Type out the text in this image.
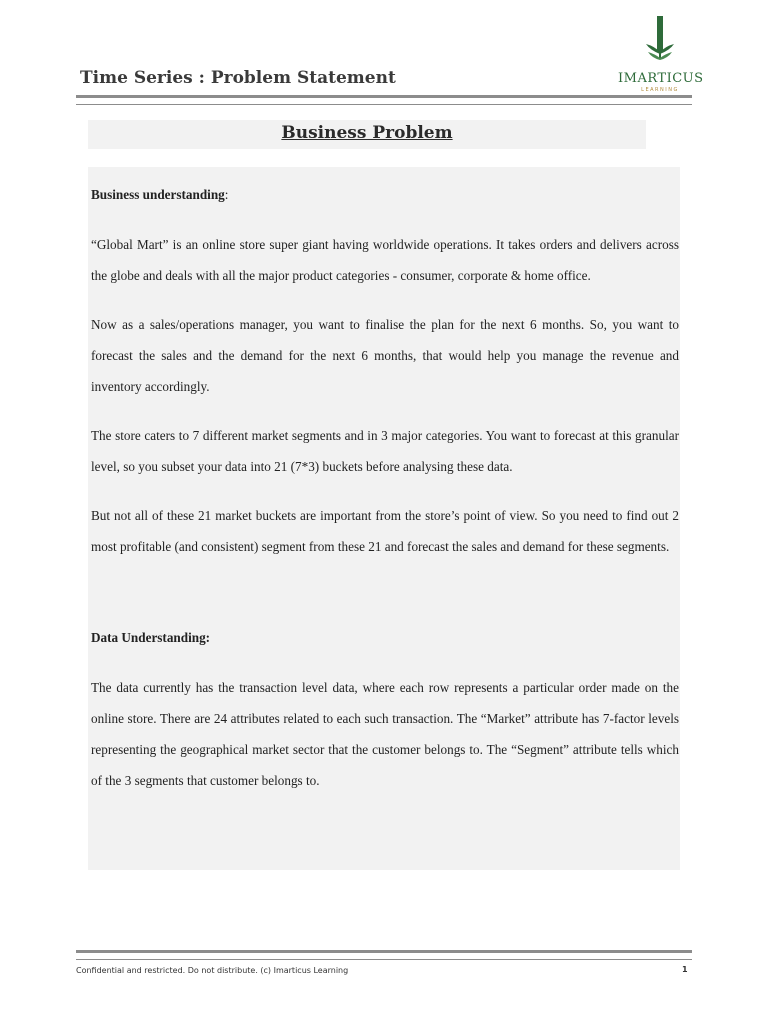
Time Series : Problem Statement	IMARTICUS
LEARNING
Business Problem

Business understanding:

“Global Mart” is an online store super giant having worldwide operations. It takes orders and delivers across the globe and deals with all the major product categories - consumer, corporate & home office.

Now as a sales/operations manager, you want to finalise the plan for the next 6 months. So, you want to forecast the sales and the demand for the next 6 months, that would help you manage the revenue and inventory accordingly.

The store caters to 7 different market segments and in 3 major categories. You want to forecast at this granular level, so you subset your data into 21 (7*3) buckets before analysing these data.

But not all of these 21 market buckets are important from the store’s point of view. So you need to find out 2 most profitable (and consistent) segment from these 21 and forecast the sales and demand for these segments.

Data Understanding:

The data currently has the transaction level data, where each row represents a particular order made on the online store. There are 24 attributes related to each such transaction. The “Market” attribute has 7-factor levels representing the geographical market sector that the customer belongs to. The “Segment” attribute tells which of the 3 segments that customer belongs to.

Confidential and restricted. Do not distribute. (c) Imarticus Learning	1
